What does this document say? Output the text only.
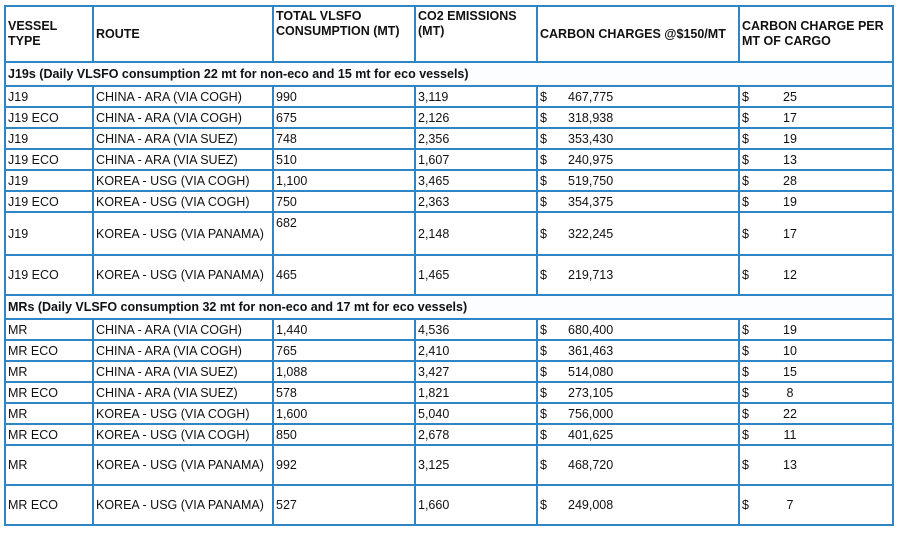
VESSEL TYPE	ROUTE	TOTAL VLSFO CONSUMPTION (MT)	CO2 EMISSIONS (MT)	CARBON CHARGES @$150/MT	CARBON CHARGE PER MT OF CARGO
J19s (Daily VLSFO consumption 22 mt for non-eco and 15 mt for eco vessels)					
J19	CHINA - ARA (VIA COGH)	990	3,119	$ 467,775	$ 25

J19 ECO	CHINA - ARA (VIA COGH)	675	2,126	$ 318,938	$ 17

J19	CHINA - ARA (VIA SUEZ)	748	2,356	$ 353,430	$ 19

J19 ECO	CHINA - ARA (VIA SUEZ)	510	1,607	$ 240,975	$ 13

J19	KOREA - USG (VIA COGH)	1,100	3,465	$ 519,750	$ 28

J19 ECO	KOREA - USG (VIA COGH)	750	2,363	$ 354,375	$ 19

J19	KOREA - USG (VIA PANAMA)	682	2,148	$ 322,245	$ 17

J19 ECO	KOREA - USG (VIA PANAMA)	465	1,465	$ 219,713	$ 12

MRs (Daily VLSFO consumption 32 mt for non-eco and 17 mt for eco vessels)					
MR	CHINA - ARA (VIA COGH)	1,440	4,536	$ 680,400	$ 19

MR ECO	CHINA - ARA (VIA COGH)	765	2,410	$ 361,463	$ 10

MR	CHINA - ARA (VIA SUEZ)	1,088	3,427	$ 514,080	$ 15

MR ECO	CHINA - ARA (VIA SUEZ)	578	1,821	$ 273,105	$ 8

MR	KOREA - USG (VIA COGH)	1,600	5,040	$ 756,000	$ 22

MR ECO	KOREA - USG (VIA COGH)	850	2,678	$ 401,625	$ 11

MR	KOREA - USG (VIA PANAMA)	992	3,125	$ 468,720	$ 13

MR ECO	KOREA - USG (VIA PANAMA)	527	1,660	$ 249,008	$ 7
